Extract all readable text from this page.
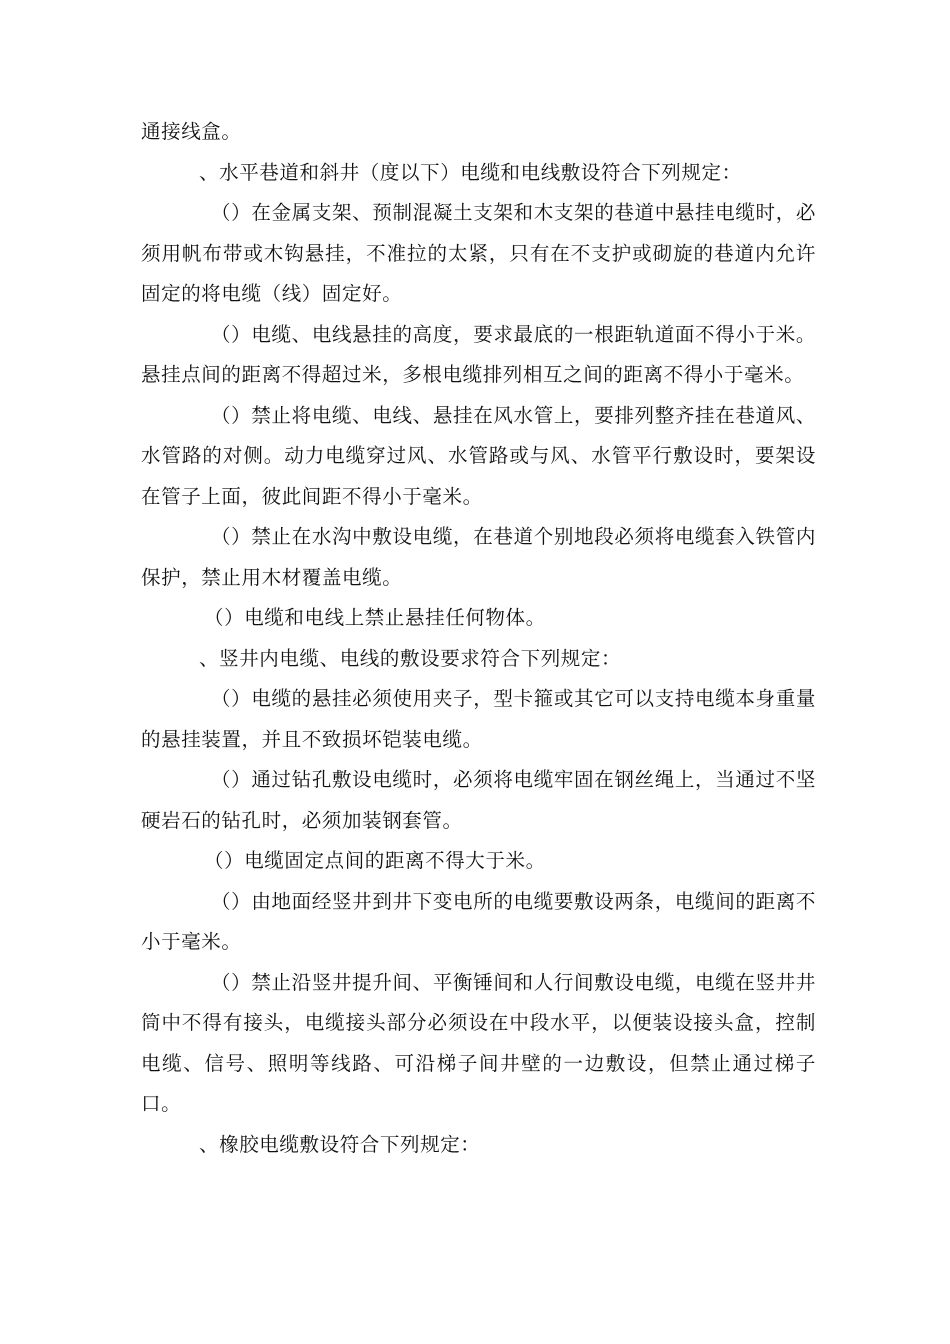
通接线盒。

、水平巷道和斜井（度以下）电缆和电线敷设符合下列规定：

（）在金属支架、预制混凝土支架和木支架的巷道中悬挂电缆时，必须用帆布带或木钩悬挂，不准拉的太紧，只有在不支护或砌旋的巷道内允许固定的将电缆（线）固定好。

（）电缆、电线悬挂的高度，要求最底的一根距轨道面不得小于米。悬挂点间的距离不得超过米，多根电缆排列相互之间的距离不得小于毫米。

（）禁止将电缆、电线、悬挂在风水管上，要排列整齐挂在巷道风、水管路的对侧。动力电缆穿过风、水管路或与风、水管平行敷设时，要架设在管子上面，彼此间距不得小于毫米。

（）禁止在水沟中敷设电缆，在巷道个别地段必须将电缆套入铁管内保护，禁止用木材覆盖电缆。

（）电缆和电线上禁止悬挂任何物体。

、竖井内电缆、电线的敷设要求符合下列规定：

（）电缆的悬挂必须使用夹子，型卡箍或其它可以支持电缆本身重量的悬挂装置，并且不致损坏铠装电缆。

（）通过钻孔敷设电缆时，必须将电缆牢固在钢丝绳上，当通过不坚硬岩石的钻孔时，必须加装钢套管。

（）电缆固定点间的距离不得大于米。

（）由地面经竖井到井下变电所的电缆要敷设两条，电缆间的距离不小于毫米。

（）禁止沿竖井提升间、平衡锤间和人行间敷设电缆，电缆在竖井井筒中不得有接头，电缆接头部分必须设在中段水平，以便装设接头盒，控制电缆、信号、照明等线路、可沿梯子间井壁的一边敷设，但禁止通过梯子口。

、橡胶电缆敷设符合下列规定：
